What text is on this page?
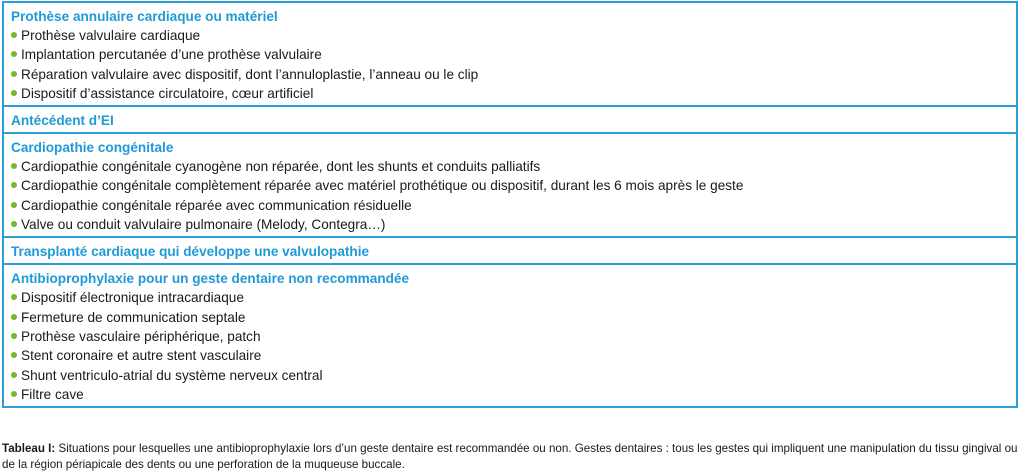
Prothèse annulaire cardiaque ou matériel
Prothèse valvulaire cardiaque
Implantation percutanée d’une prothèse valvulaire
Réparation valvulaire avec dispositif, dont l’annuloplastie, l’anneau ou le clip
Dispositif d’assistance circulatoire, cœur artificiel
Antécédent d’EI
Cardiopathie congénitale
Cardiopathie congénitale cyanogène non réparée, dont les shunts et conduits palliatifs
Cardiopathie congénitale complètement réparée avec matériel prothétique ou dispositif, durant les 6 mois après le geste
Cardiopathie congénitale réparée avec communication résiduelle
Valve ou conduit valvulaire pulmonaire (Melody, Contegra…)
Transplanté cardiaque qui développe une valvulopathie
Antibioprophylaxie pour un geste dentaire non recommandée
Dispositif électronique intracardiaque
Fermeture de communication septale
Prothèse vasculaire périphérique, patch
Stent coronaire et autre stent vasculaire
Shunt ventriculo-atrial du système nerveux central
Filtre cave
Tableau I: Situations pour lesquelles une antibioprophylaxie lors d’un geste dentaire est recommandée ou non. Gestes dentaires : tous les gestes qui impliquent une manipulation du tissu gingival ou de la région périapicale des dents ou une perforation de la muqueuse buccale.
